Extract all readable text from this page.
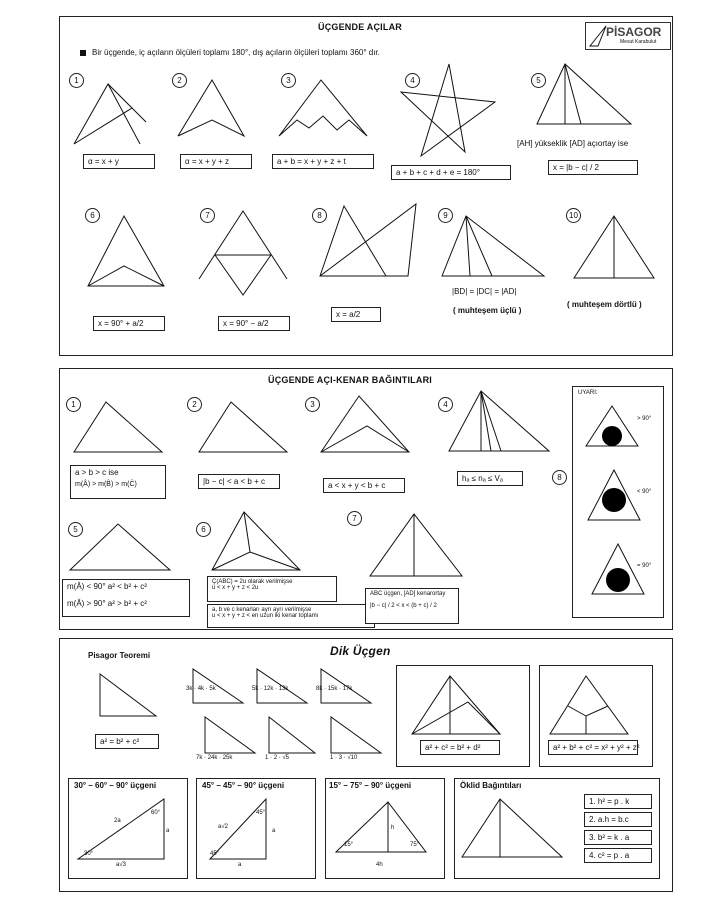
ÜÇGENDE AÇILAR	PİSAGOR
Mesut Karabulut
Bir üçgende, iç açıların ölçüleri toplamı 180°, dış açıların ölçüleri toplamı 360° dır.
1
α = x + y
2
α = x + y + z
3
a + b = x + y + z + t
4
a + b + c + d + e = 180°
5
[AH] yükseklik [AD] açıortay ise
x = |b − c| / 2
6
x = 90° + a/2
7
x = 90° − a/2
8
x = a/2
9
|BD| = |DC| = |AD|
( muhteşem üçlü )
10
( muhteşem dörtlü )
ÜÇGENDE AÇI-KENAR BAĞINTILARI
1
a > b > c ise
m(Â) > m(B̂) > m(Ĉ)
2
|b − c| < a < b + c
3
a < x + y < b + c
4
hₐ ≤ nₐ ≤ Vₐ
5
m(Â) < 90° a² < b² + c²
m(Â) > 90° a² > b² + c²
6
Ç(ABC) = 2u olarak verilmişse
u < x + y + z < 2u
a, b ve c kenarları ayrı ayrı verilmişse
u < x + y + z < en uzun iki kenar toplamı
7
ABC üçgen, [AD] kenarortay
|b − c| / 2 < x < (b + c) / 2
UYARI:
8
> 90°
< 90°
= 90°
Dik Üçgen
Pisagor Teoremi
a² = b² + c²
3k · 4k · 5k	5k · 12k · 13k	8k · 15k · 17k
7k · 24k · 25k	1 · 2 · √5	1 · 3 · √10
a² + c² = b² + d²	a² + b² + c² = x² + y² + z²
30° – 60° – 90° üçgeni
2a
a
a√3
60°
30°
45° – 45° – 90° üçgeni
a√2
a
a
45°
45°
15° – 75° – 90° üçgeni
h
4h
15°	75°
Öklid Bağıntıları
1. h² = p . k
2. a.h = b.c
3. b² = k . a
4. c² = p . a
